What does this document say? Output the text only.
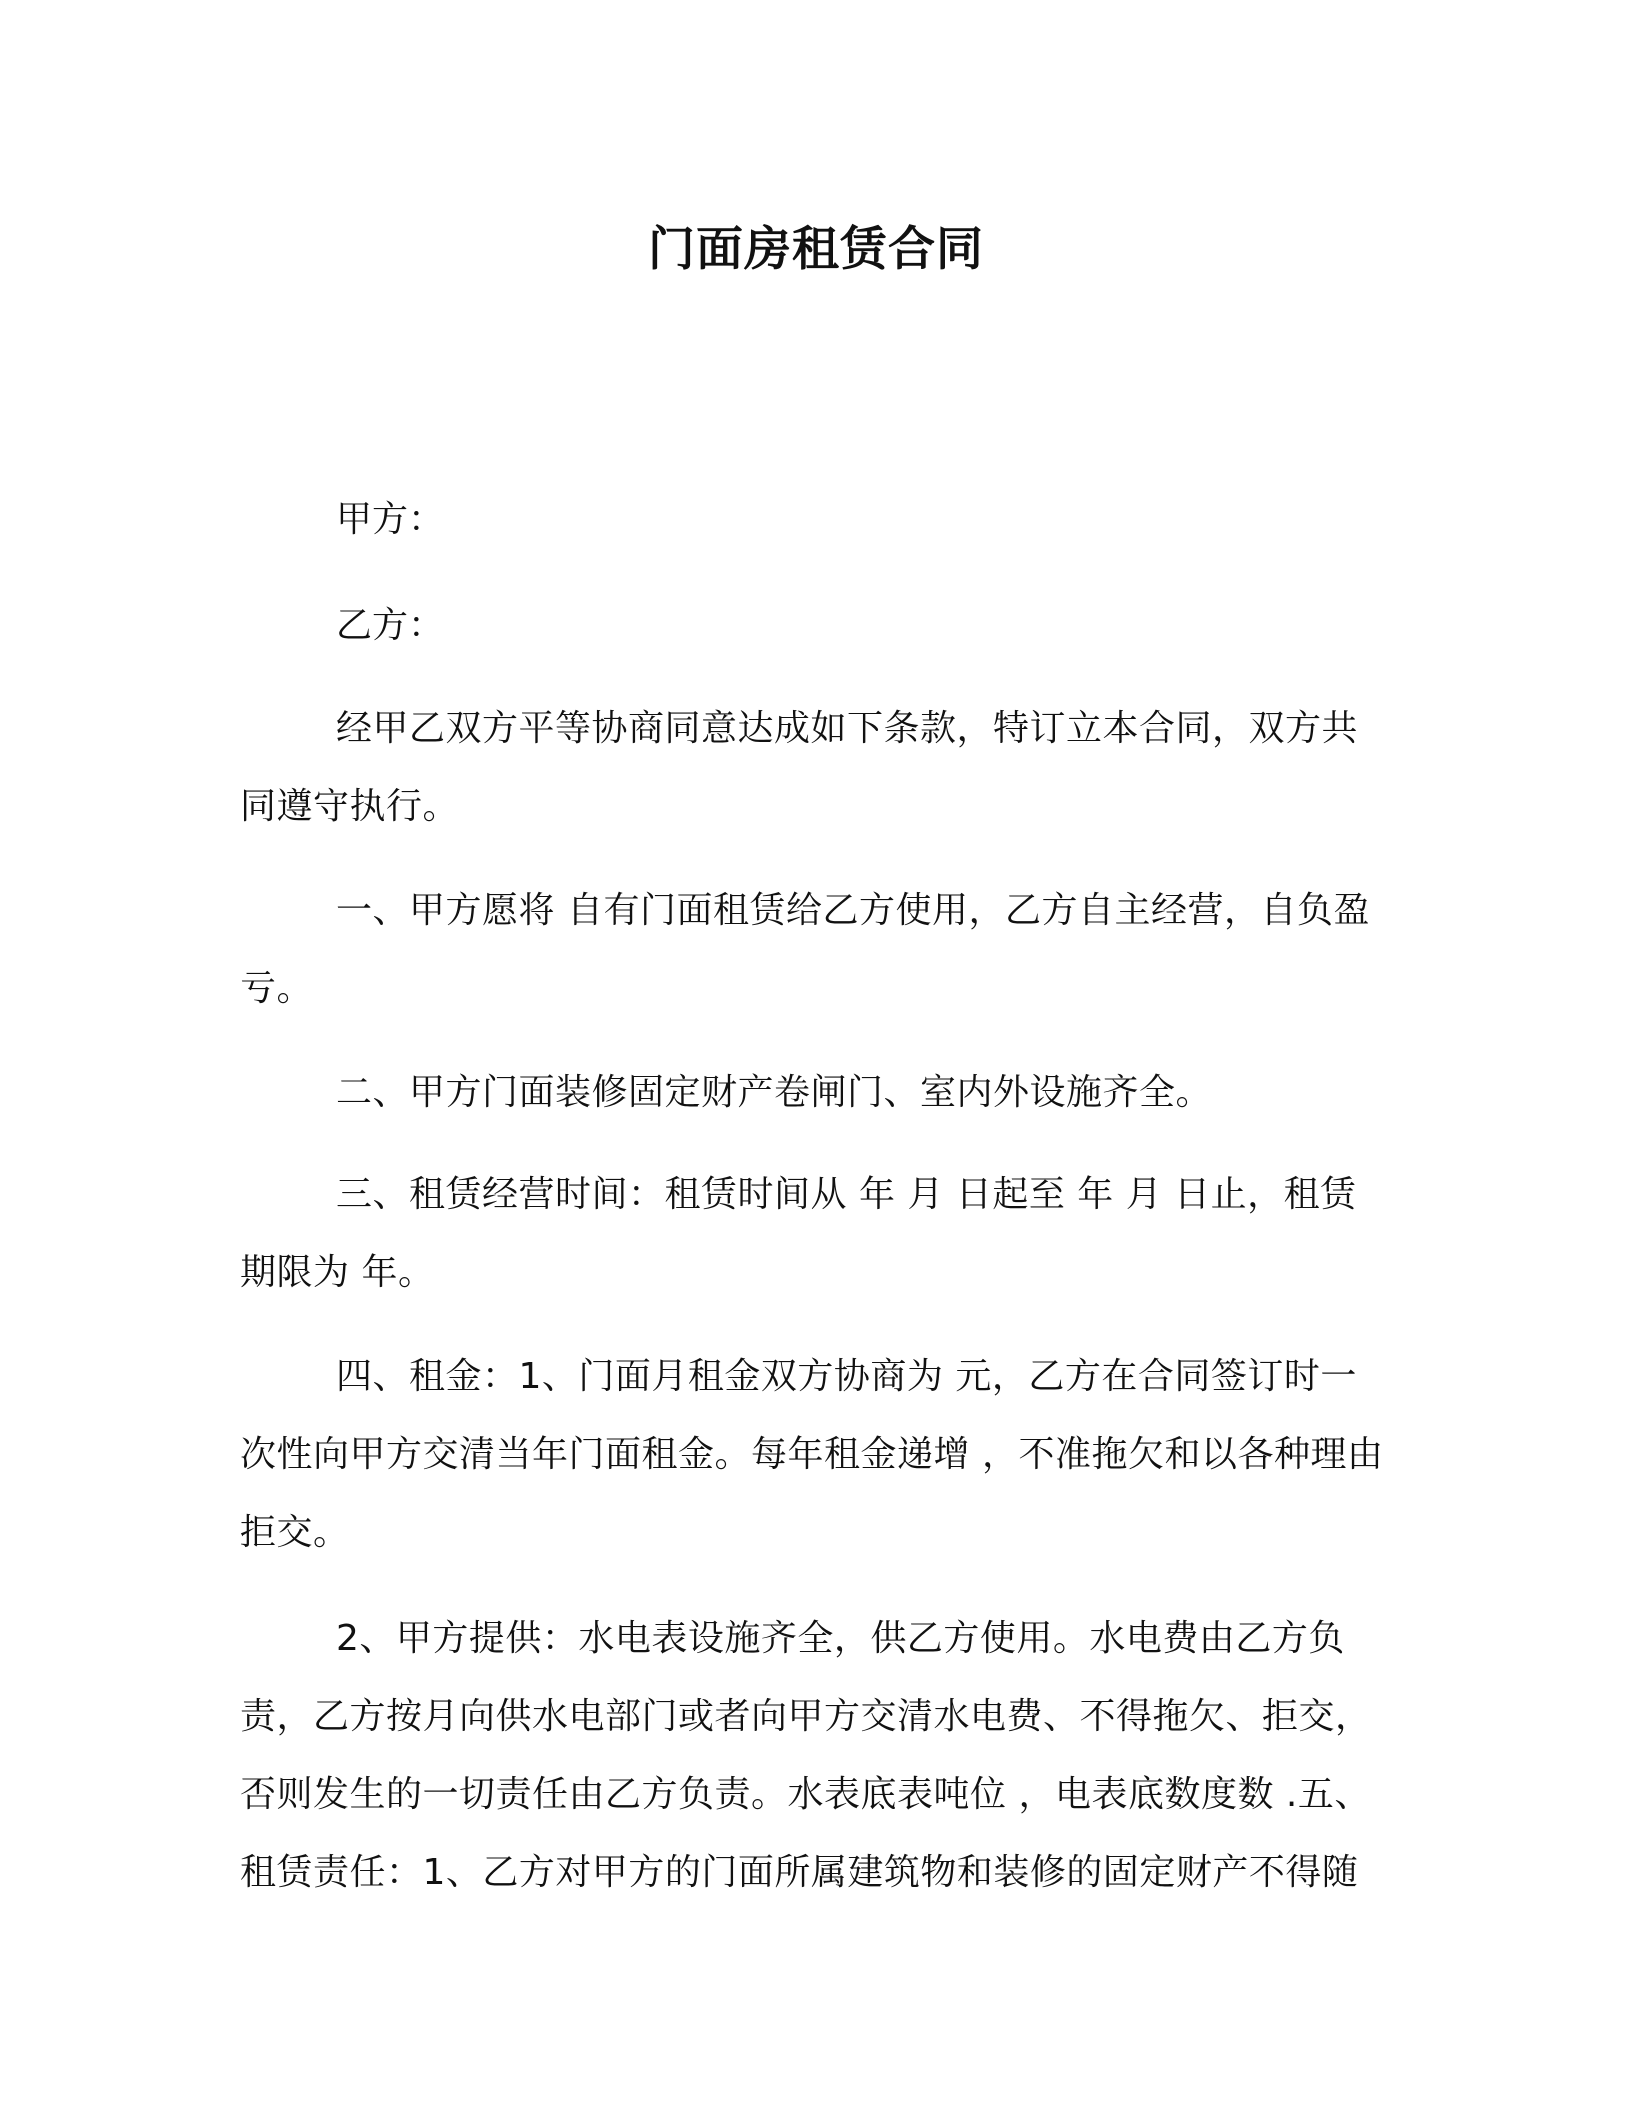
门面房租赁合同
甲方：
乙方：

经甲乙双方平等协商同意达成如下条款，特订立本合同，双方共同遵守执行。

一、甲方愿将 自有门面租赁给乙方使用，乙方自主经营，自负盈亏。

二、甲方门面装修固定财产卷闸门、室内外设施齐全。

三、租赁经营时间：租赁时间从 年 月 日起至 年 月 日止，租赁期限为 年。

四、租金：1、门面月租金双方协商为 元，乙方在合同签订时一次性向甲方交清当年门面租金。每年租金递增 ，不准拖欠和以各种理由拒交。

2、甲方提供：水电表设施齐全，供乙方使用。水电费由乙方负责，乙方按月向供水电部门或者向甲方交清水电费、不得拖欠、拒交，否则发生的一切责任由乙方负责。水表底表吨位 ，电表底数度数 .五、租赁责任：1、乙方对甲方的门面所属建筑物和装修的固定财产不得随
